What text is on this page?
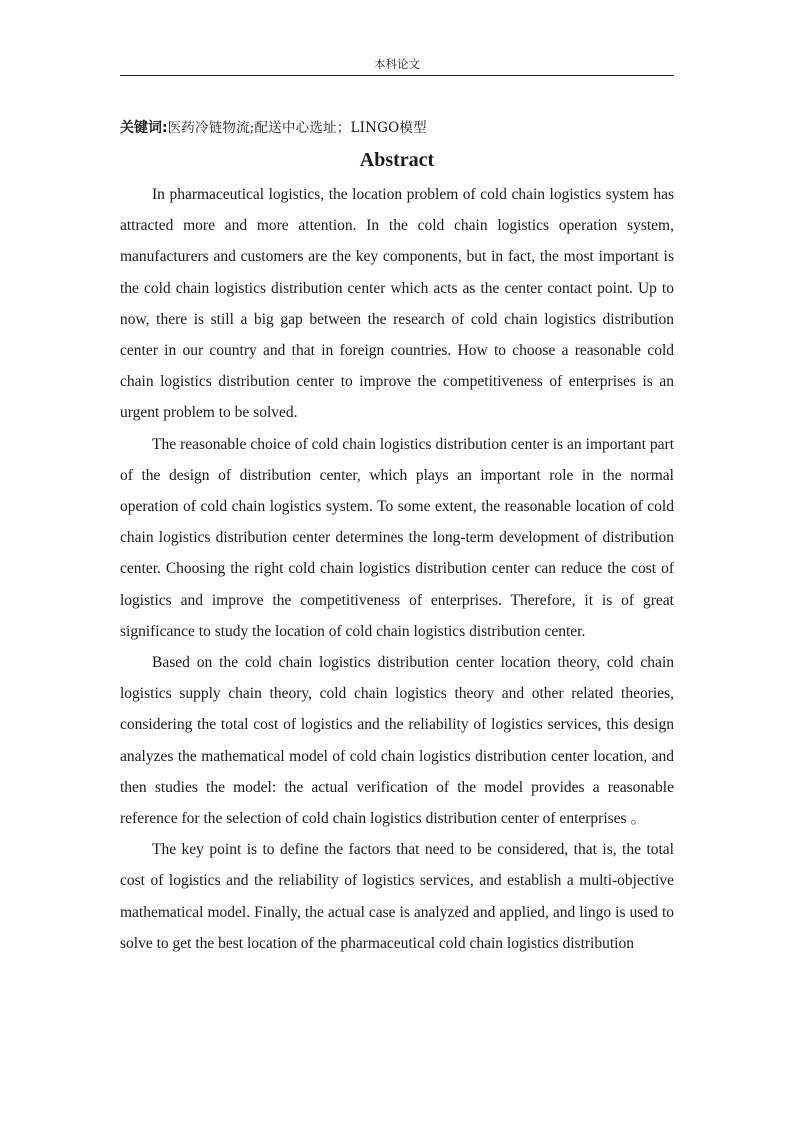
本科论文
关键词:医药冷链物流;配送中心选址；LINGO模型
Abstract

In pharmaceutical logistics, the location problem of cold chain logistics system has attracted more and more attention. In the cold chain logistics operation system, manufacturers and customers are the key components, but in fact, the most important is the cold chain logistics distribution center which acts as the center contact point. Up to now, there is still a big gap between the research of cold chain logistics distribution center in our country and that in foreign countries. How to choose a reasonable cold chain logistics distribution center to improve the competitiveness of enterprises is an urgent problem to be solved.

The reasonable choice of cold chain logistics distribution center is an important part of the design of distribution center, which plays an important role in the normal operation of cold chain logistics system. To some extent, the reasonable location of cold chain logistics distribution center determines the long-term development of distribution center. Choosing the right cold chain logistics distribution center can reduce the cost of logistics and improve the competitiveness of enterprises. Therefore, it is of great significance to study the location of cold chain logistics distribution center.

Based on the cold chain logistics distribution center location theory, cold chain logistics supply chain theory, cold chain logistics theory and other related theories, considering the total cost of logistics and the reliability of logistics services, this design analyzes the mathematical model of cold chain logistics distribution center location, and then studies the model: the actual verification of the model provides a reasonable reference for the selection of cold chain logistics distribution center of enterprises 。

The key point is to define the factors that need to be considered, that is, the total cost of logistics and the reliability of logistics services, and establish a multi-objective mathematical model. Finally, the actual case is analyzed and applied, and lingo is used to solve to get the best location of the pharmaceutical cold chain logistics distribution
